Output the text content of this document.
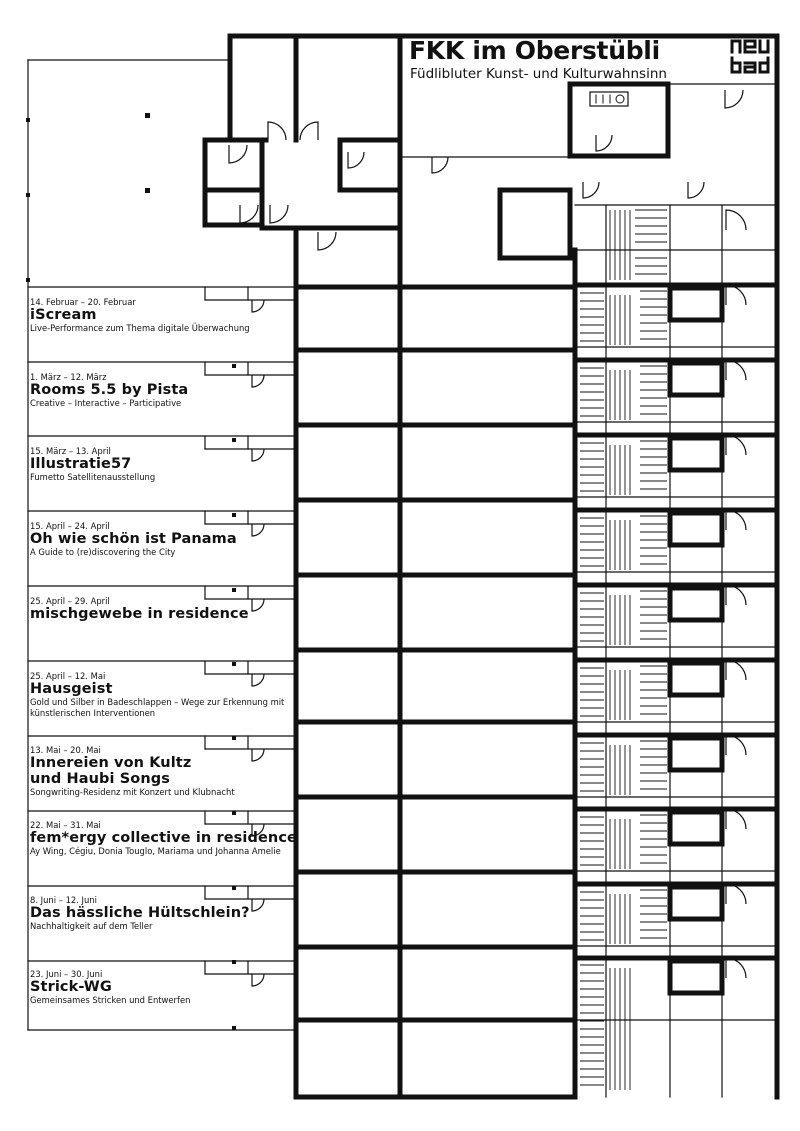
FKK im Oberstübli
Füdlibluter Kunst- und Kulturwahnsinn
14. Februar – 20. Februar
iScream
Live-Performance zum Thema digitale Überwachung
1. März – 12. März
Rooms 5.5 by Pista
Creative – Interactive – Participative
15. März – 13. April
Illustratie57
Fumetto Satellitenausstellung
15. April – 24. April
Oh wie schön ist Panama
A Guide to (re)discovering the City
25. April – 29. April
mischgewebe in residence
25. April – 12. Mai
Hausgeist
Gold und Silber in Badeschlappen – Wege zur Erkennung mit künstlerischen Interventionen
13. Mai – 20. Mai
Innereien von Kultz und Haubi Songs
Songwriting-Residenz mit Konzert und Klubnacht
22. Mai – 31. Mai
fem*ergy collective in residence
Ay Wing, Cégiu, Donia Touglo, Mariama und Johanna Amelie
8. Juni – 12. Juni
Das hässliche Hültschlein?
Nachhaltigkeit auf dem Teller
23. Juni – 30. Juni
Strick-WG
Gemeinsames Stricken und Entwerfen
